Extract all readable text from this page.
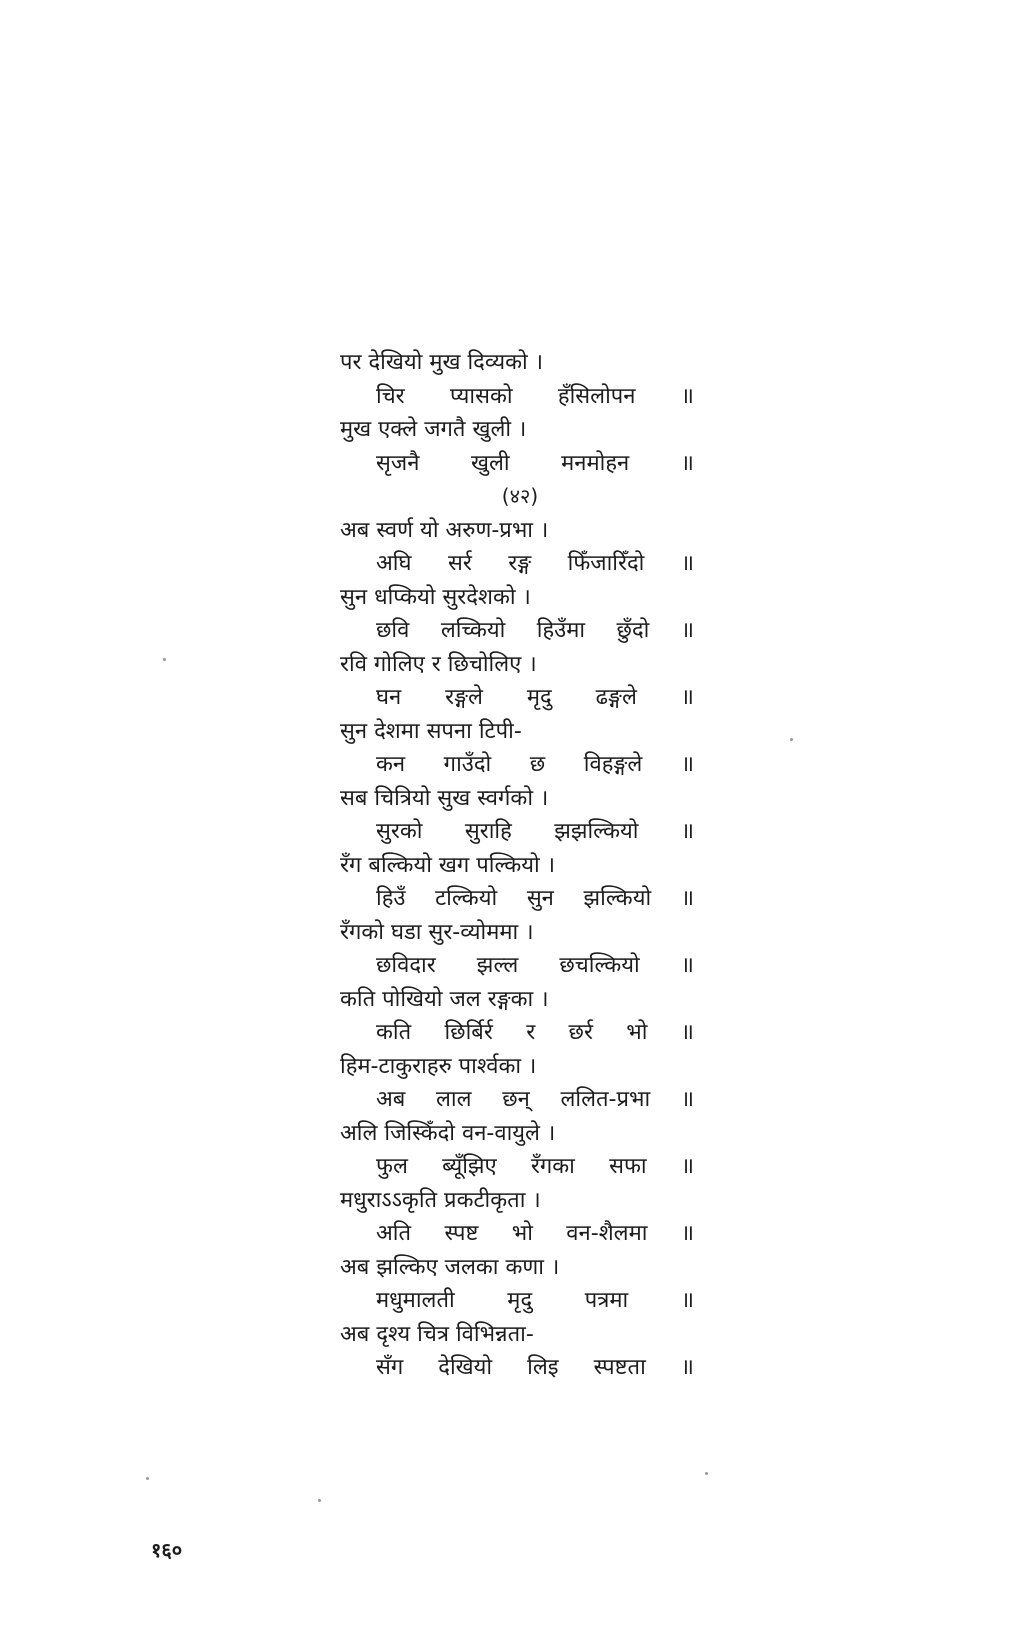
पर देखियो मुख दिव्यको ।
चिर प्यासको हँसिलोपन ॥
मुख एक्ले जगतै खुली ।
सृजनै खुली मनमोहन ॥
(४२)
अब स्वर्ण यो अरुण-प्रभा ।
अघि सर्र रङ्ग फिँजारिँदो ॥
सुन धप्कियो सुरदेशको ।
छवि लच्कियो हिउँमा छुँदो ॥
रवि गोलिए र छिचोलिए ।
घन रङ्गले मृदु ढङ्गले ॥
सुन देशमा सपना टिपी-
कन गाउँदो छ विहङ्गले ॥
सब चित्रियो सुख स्वर्गको ।
सुरको सुराहि झझल्कियो ॥
रँग बल्कियो खग पल्कियो ।
हिउँ टल्कियो सुन झल्कियो ॥
रँगको घडा सुर-व्योममा ।
छविदार झल्ल छचल्कियो ॥
कति पोखियो जल रङ्गका ।
कति छिर्बिर्र र छर्र भो ॥
हिम-टाकुराहरु पार्श्वका ।
अब लाल छन् ललित-प्रभा ॥
अलि जिस्किँदो वन-वायुले ।
फुल ब्यूँझिए रँगका सफा ॥
मधुराऽऽकृति प्रकटीकृता ।
अति स्पष्ट भो वन-शैलमा ॥
अब झल्किए जलका कणा ।
मधुमालती मृदु पत्रमा ॥
अब दृश्य चित्र विभिन्नता-
सँग देखियो लिइ स्पष्टता ॥
१६०
